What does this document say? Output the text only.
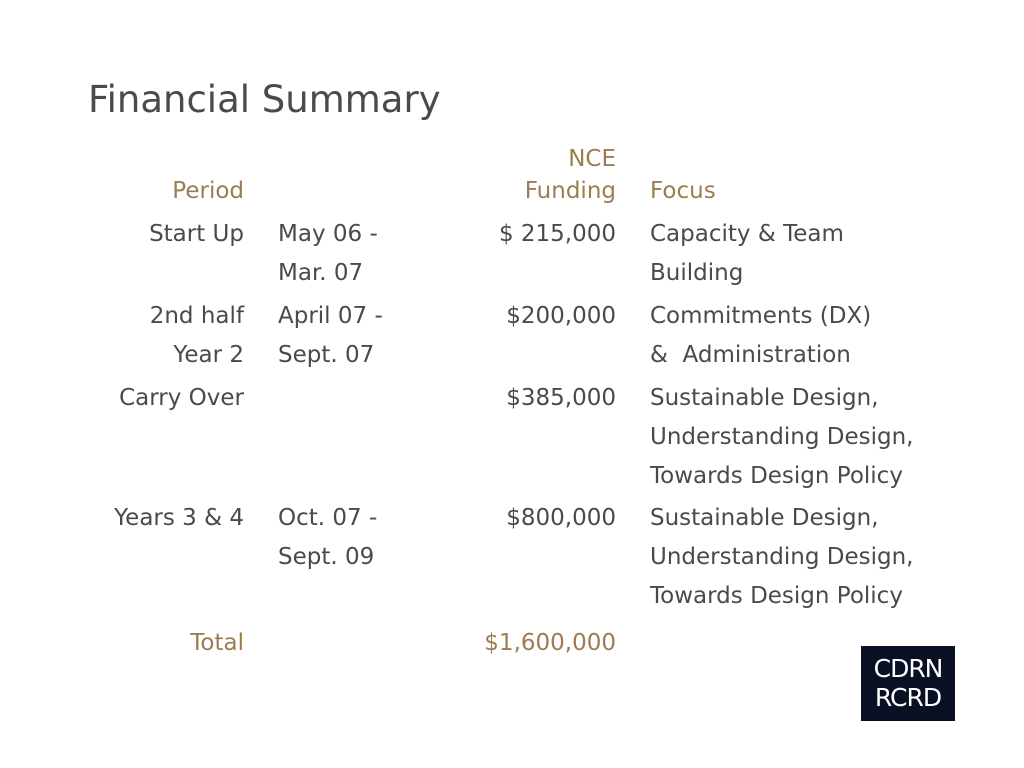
Financial Summary
Period
NCE
Funding Focus
Start Up May 06 -
Mar. 07
$ 215,000 Capacity & Team
Building
2nd half
Year 2
April 07 -
Sept. 07
$200,000 Commitments (DX)
&  Administration
Carry Over	$385,000 Sustainable Design,
Understanding Design,
Towards Design Policy
Years 3 & 4 Oct. 07 -
Sept. 09
$800,000 Sustainable Design,
Understanding Design,
Towards Design Policy
Total	$1,600,000
CDRN
RCRD
